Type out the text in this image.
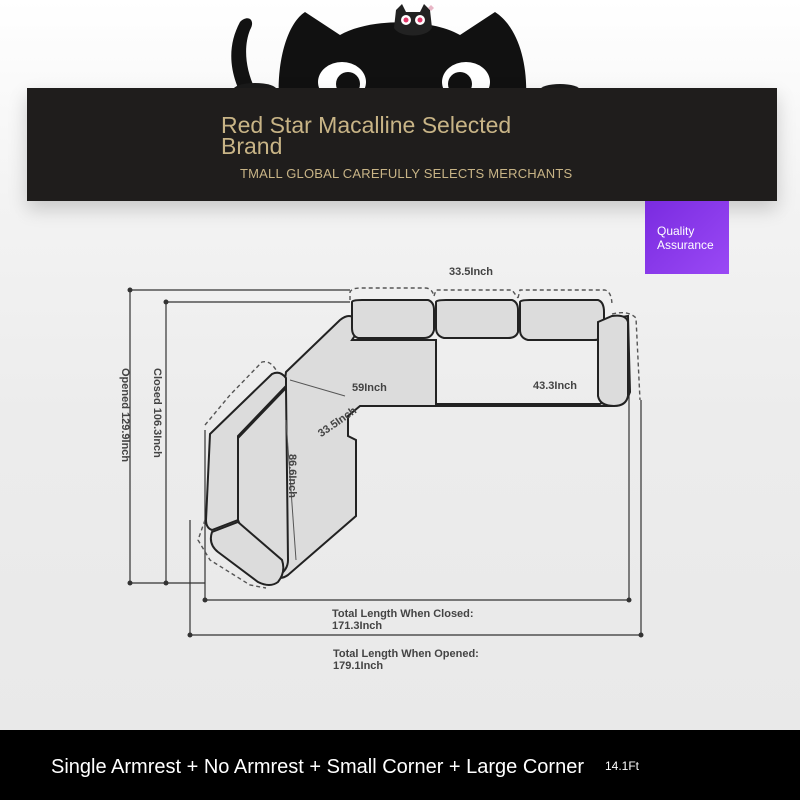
Red Star Macalline Selected Brand
TMALL GLOBAL CAREFULLY SELECTS MERCHANTS
Quality Assurance
33.5Inch
59Inch	43.3Inch
33.5Inch
86.6Inch
Closed 106.3Inch
Opened 129.9Inch
Total Length When Closed:
171.3Inch
Total Length When Opened:
179.1Inch
Single Armrest + No Armrest + Small Corner + Large Corner 14.1Ft
